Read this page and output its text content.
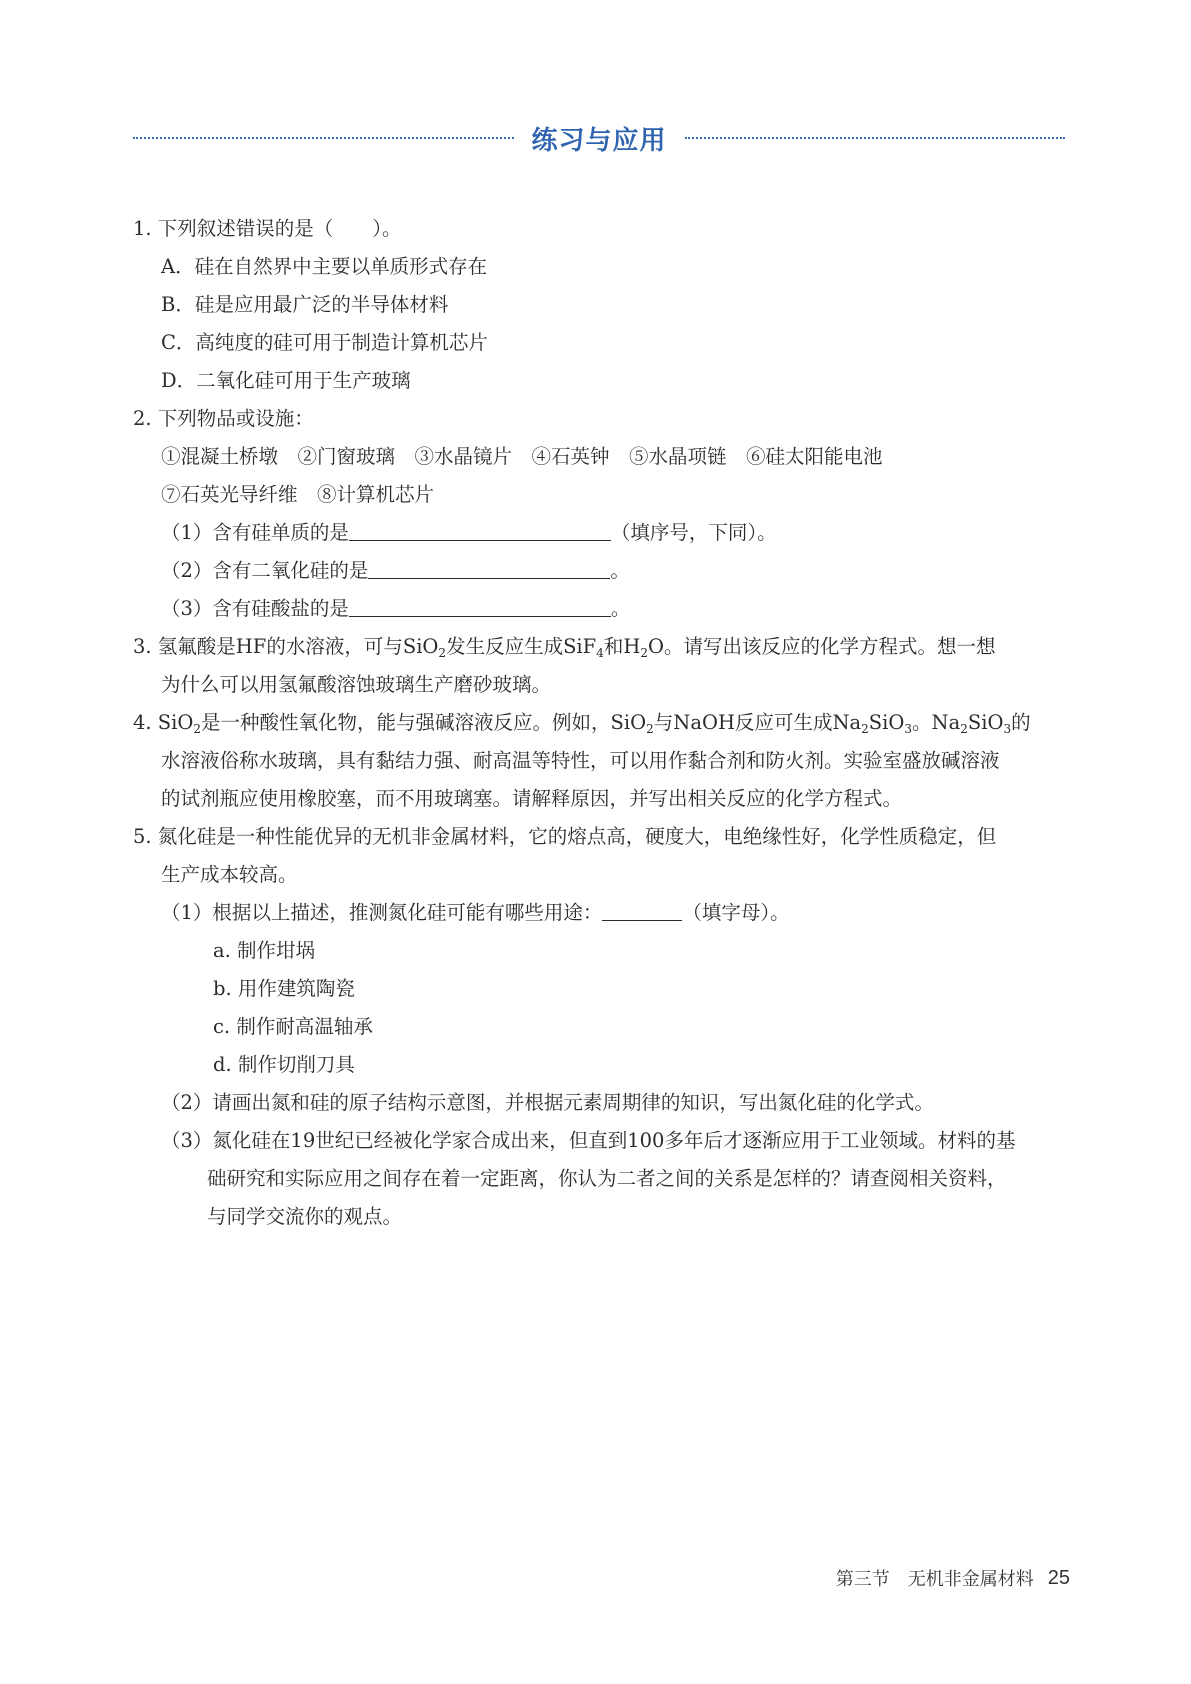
练习与应用
1. 下列叙述错误的是（　　）。
A．硅在自然界中主要以单质形式存在
B．硅是应用最广泛的半导体材料
C．高纯度的硅可用于制造计算机芯片
D．二氧化硅可用于生产玻璃
2. 下列物品或设施：
①混凝土桥墩　②门窗玻璃　③水晶镜片　④石英钟　⑤水晶项链　⑥硅太阳能电池
⑦石英光导纤维　⑧计算机芯片
（1）含有硅单质的是	（填序号，下同）。
（2）含有二氧化硅的是	。
（3）含有硅酸盐的是	。
3. 氢氟酸是HF的水溶液，可与SiO$_2$发生反应生成SiF$_4$和$H_2O$。请写出该反应的化学方程式。想一想
为什么可以用氢氟酸溶蚀玻璃生产磨砂玻璃。
4. SiO$_2$是一种酸性氧化物，能与强碱溶液反应。例如，SiO$_2$与NaOH反应可生成$Na_2SiO_3$。$Na_2SiO_3$的
水溶液俗称水玻璃，具有黏结力强、耐高温等特性，可以用作黏合剂和防火剂。实验室盛放碱溶液
的试剂瓶应使用橡胶塞，而不用玻璃塞。请解释原因，并写出相关反应的化学方程式。
5. 氮化硅是一种性能优异的无机非金属材料，它的熔点高，硬度大，电绝缘性好，化学性质稳定，但
生产成本较高。
（1）根据以上描述，推测氮化硅可能有哪些用途：	（填字母）。
a. 制作坩埚
b. 用作建筑陶瓷
c. 制作耐高温轴承
d. 制作切削刀具
（2）请画出氮和硅的原子结构示意图，并根据元素周期律的知识，写出氮化硅的化学式。
（3）氮化硅在19世纪已经被化学家合成出来，但直到100多年后才逐渐应用于工业领域。材料的基
础研究和实际应用之间存在着一定距离，你认为二者之间的关系是怎样的？请查阅相关资料，
与同学交流你的观点。
第三节　无机非金属材料 25
